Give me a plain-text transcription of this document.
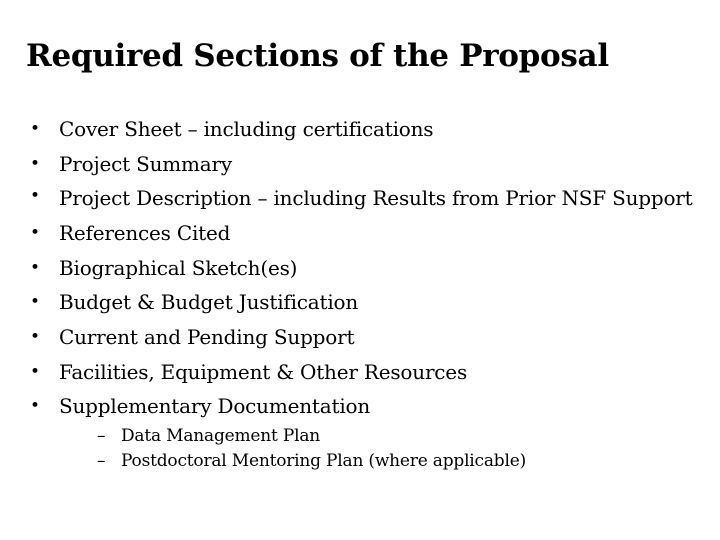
Required Sections of the Proposal
• Cover Sheet – including certifications
• Project Summary
• Project Description – including Results from Prior NSF Support
• References Cited
• Biographical Sketch(es)
• Budget & Budget Justification
• Current and Pending Support
• Facilities, Equipment & Other Resources
• Supplementary Documentation
– Data Management Plan
– Postdoctoral Mentoring Plan (where applicable)
